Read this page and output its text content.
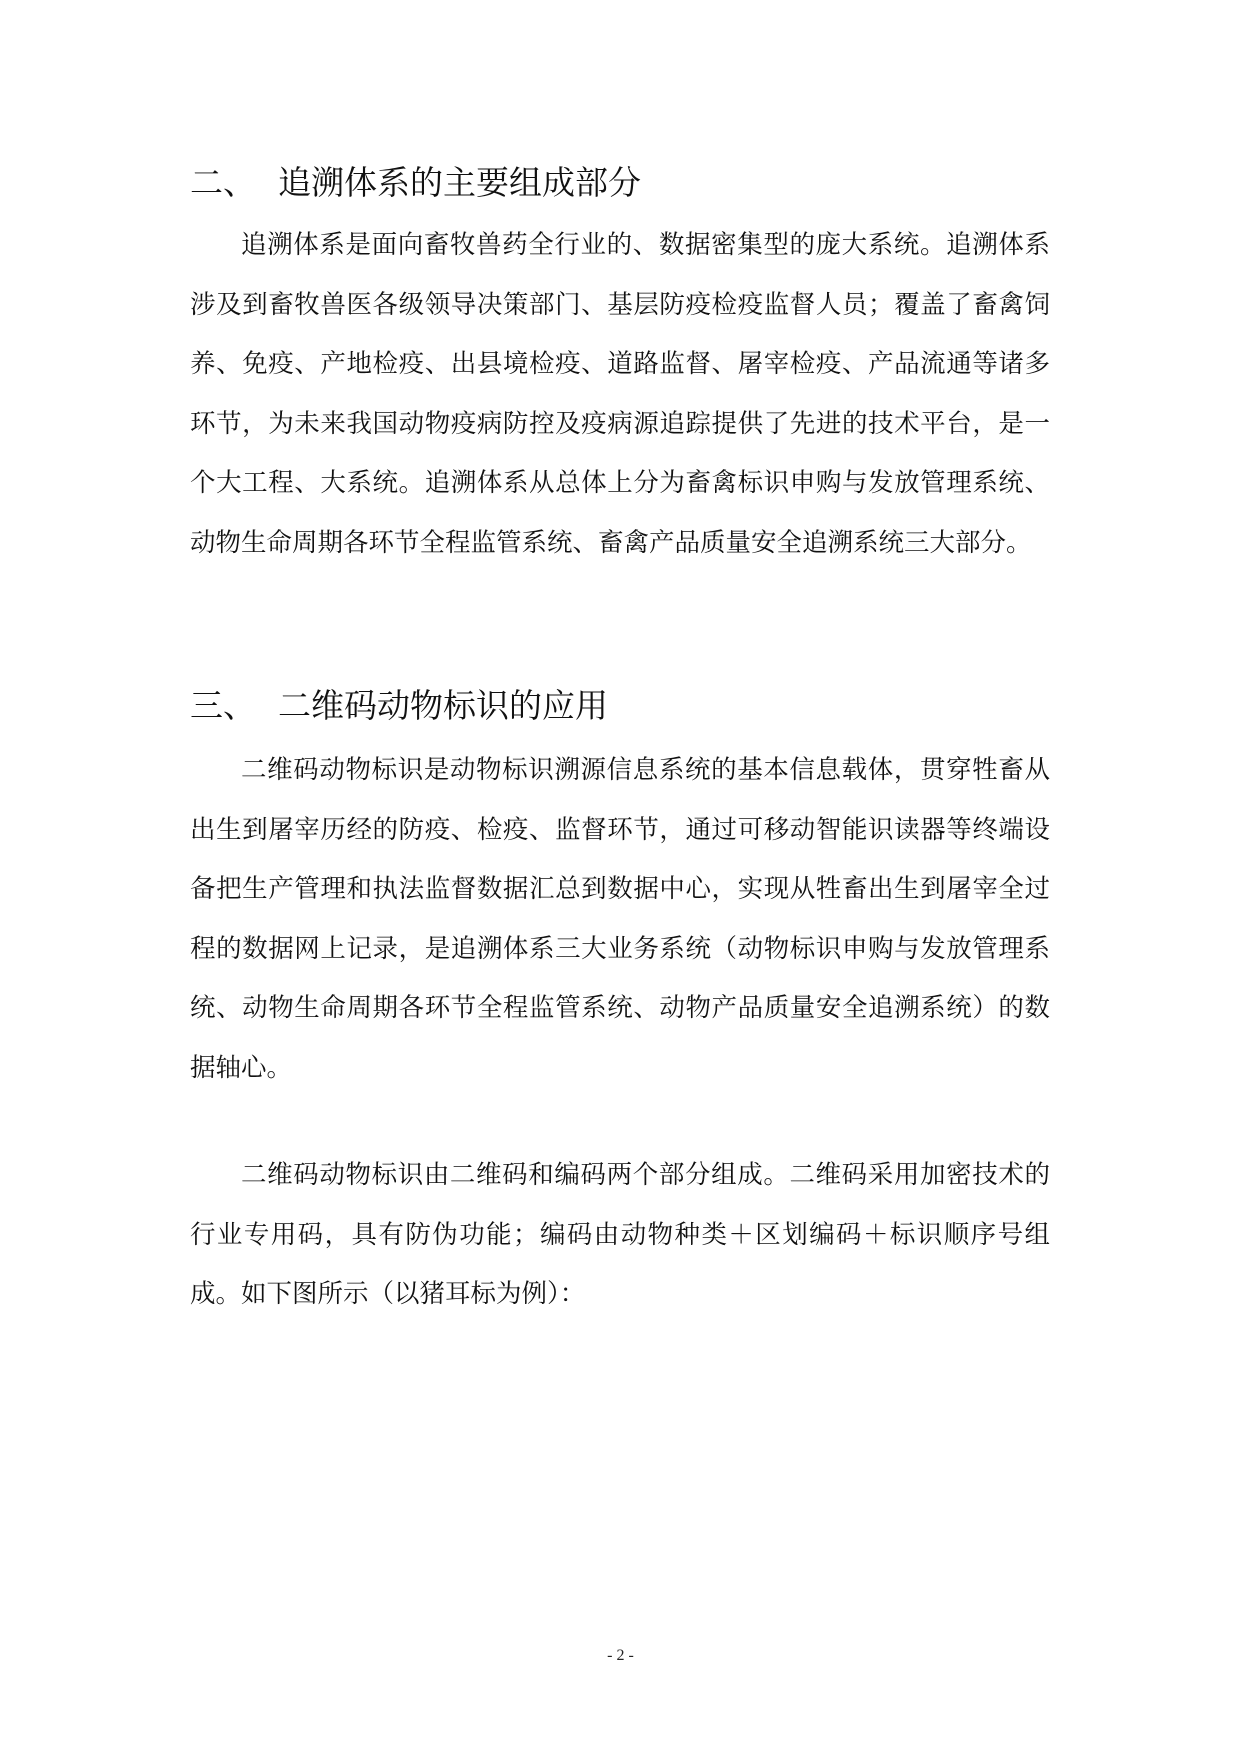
二、 追溯体系的主要组成部分

追溯体系是面向畜牧兽药全行业的、数据密集型的庞大系统。追溯体系涉及到畜牧兽医各级领导决策部门、基层防疫检疫监督人员；覆盖了畜禽饲养、免疫、产地检疫、出县境检疫、道路监督、屠宰检疫、产品流通等诸多环节，为未来我国动物疫病防控及疫病源追踪提供了先进的技术平台，是一个大工程、大系统。追溯体系从总体上分为畜禽标识申购与发放管理系统、动物生命周期各环节全程监管系统、畜禽产品质量安全追溯系统三大部分。

三、 二维码动物标识的应用

二维码动物标识是动物标识溯源信息系统的基本信息载体，贯穿牲畜从出生到屠宰历经的防疫、检疫、监督环节，通过可移动智能识读器等终端设备把生产管理和执法监督数据汇总到数据中心，实现从牲畜出生到屠宰全过程的数据网上记录，是追溯体系三大业务系统（动物标识申购与发放管理系统、动物生命周期各环节全程监管系统、动物产品质量安全追溯系统）的数据轴心。

二维码动物标识由二维码和编码两个部分组成。二维码采用加密技术的行业专用码，具有防伪功能；编码由动物种类＋区划编码＋标识顺序号组成。如下图所示（以猪耳标为例）：

- 2 -
